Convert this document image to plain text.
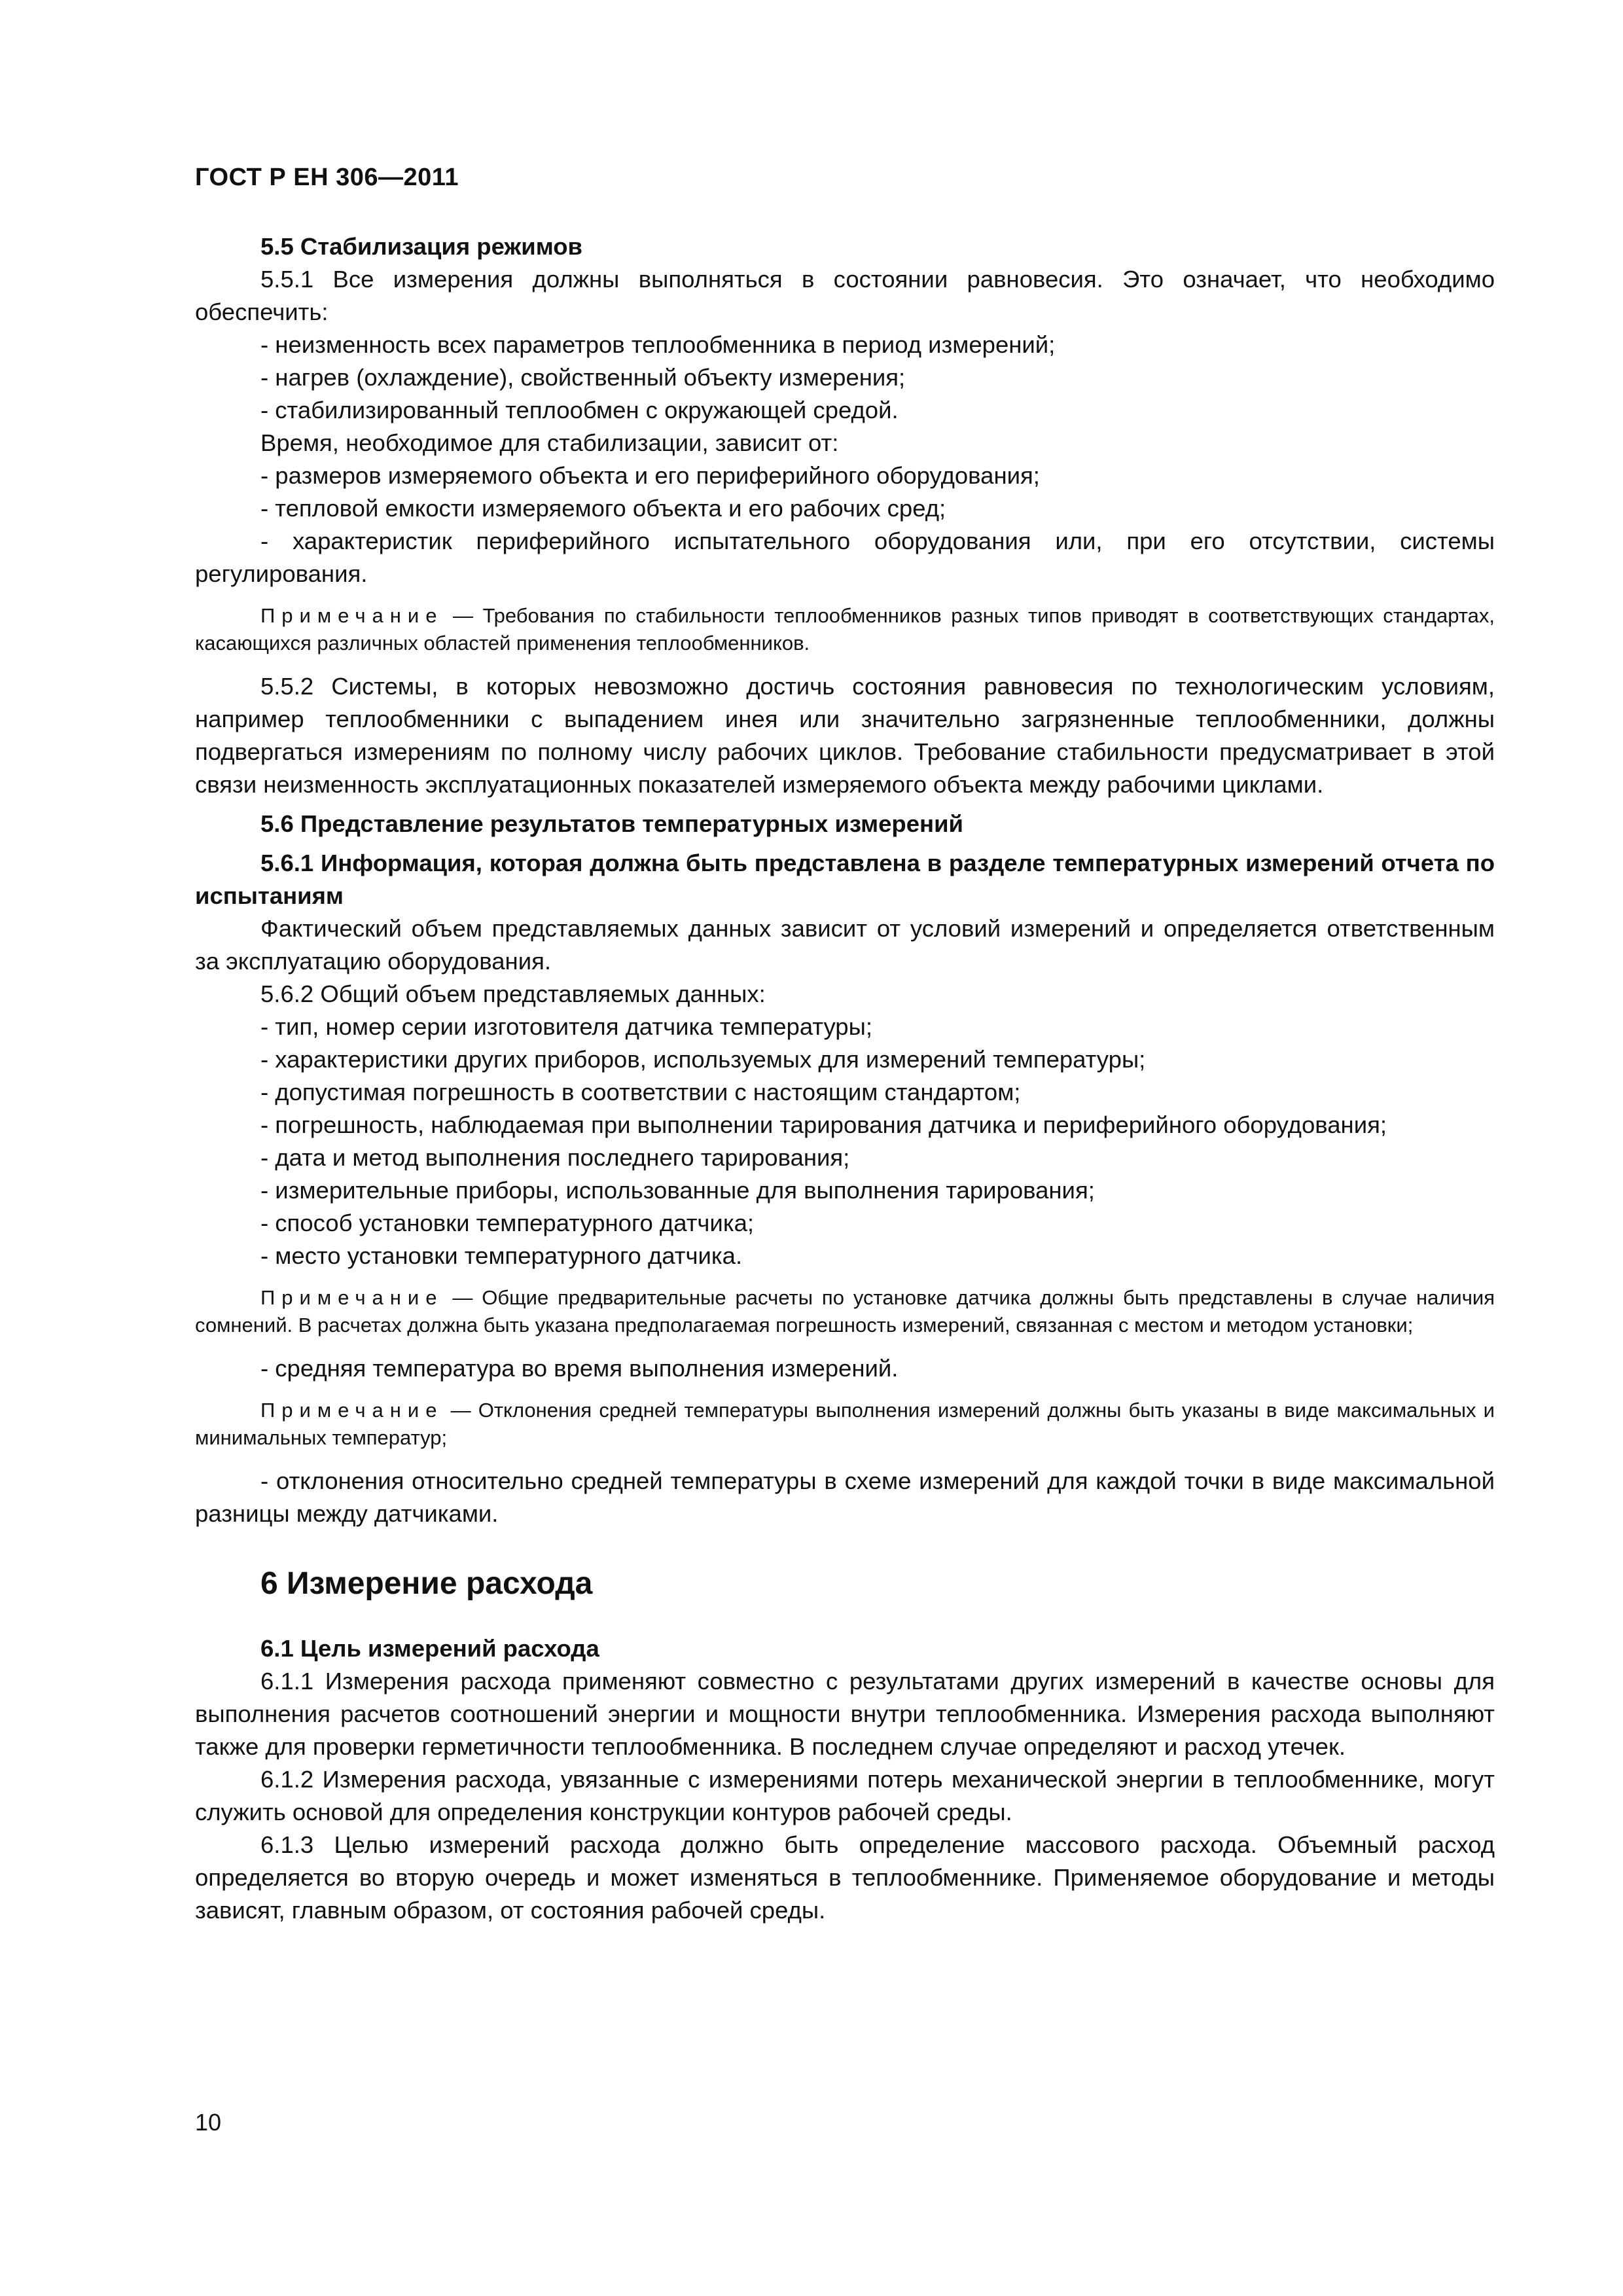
ГОСТ Р ЕН 306—2011

5.5 Стабилизация режимов

5.5.1 Все измерения должны выполняться в состоянии равновесия. Это означает, что необходимо обеспечить:

- неизменность всех параметров теплообменника в период измерений;

- нагрев (охлаждение), свойственный объекту измерения;

- стабилизированный теплообмен с окружающей средой.

Время, необходимое для стабилизации, зависит от:

- размеров измеряемого объекта и его периферийного оборудования;

- тепловой емкости измеряемого объекта и его рабочих сред;

- характеристик периферийного испытательного оборудования или, при его отсутствии, системы регулирования.

Примечание — Требования по стабильности теплообменников разных типов приводят в соответствующих стандартах, касающихся различных областей применения теплообменников.

5.5.2 Системы, в которых невозможно достичь состояния равновесия по технологическим условиям, например теплообменники с выпадением инея или значительно загрязненные теплообменники, должны подвергаться измерениям по полному числу рабочих циклов. Требование стабильности предусматривает в этой связи неизменность эксплуатационных показателей измеряемого объекта между рабочими циклами.

5.6 Представление результатов температурных измерений

5.6.1 Информация, которая должна быть представлена в разделе температурных измерений отчета по испытаниям

Фактический объем представляемых данных зависит от условий измерений и определяется ответственным за эксплуатацию оборудования.

5.6.2 Общий объем представляемых данных:

- тип, номер серии изготовителя датчика температуры;

- характеристики других приборов, используемых для измерений температуры;

- допустимая погрешность в соответствии с настоящим стандартом;

- погрешность, наблюдаемая при выполнении тарирования датчика и периферийного оборудования;

- дата и метод выполнения последнего тарирования;

- измерительные приборы, использованные для выполнения тарирования;

- способ установки температурного датчика;

- место установки температурного датчика.

Примечание — Общие предварительные расчеты по установке датчика должны быть представлены в случае наличия сомнений. В расчетах должна быть указана предполагаемая погрешность измерений, связанная с местом и методом установки;

- средняя температура во время выполнения измерений.

Примечание — Отклонения средней температуры выполнения измерений должны быть указаны в виде максимальных и минимальных температур;

- отклонения относительно средней температуры в схеме измерений для каждой точки в виде максимальной разницы между датчиками.

6 Измерение расхода

6.1 Цель измерений расхода

6.1.1 Измерения расхода применяют совместно с результатами других измерений в качестве основы для выполнения расчетов соотношений энергии и мощности внутри теплообменника. Измерения расхода выполняют также для проверки герметичности теплообменника. В последнем случае определяют и расход утечек.

6.1.2 Измерения расхода, увязанные с измерениями потерь механической энергии в теплообменнике, могут служить основой для определения конструкции контуров рабочей среды.

6.1.3 Целью измерений расхода должно быть определение массового расхода. Объемный расход определяется во вторую очередь и может изменяться в теплообменнике. Применяемое оборудование и методы зависят, главным образом, от состояния рабочей среды.

10
